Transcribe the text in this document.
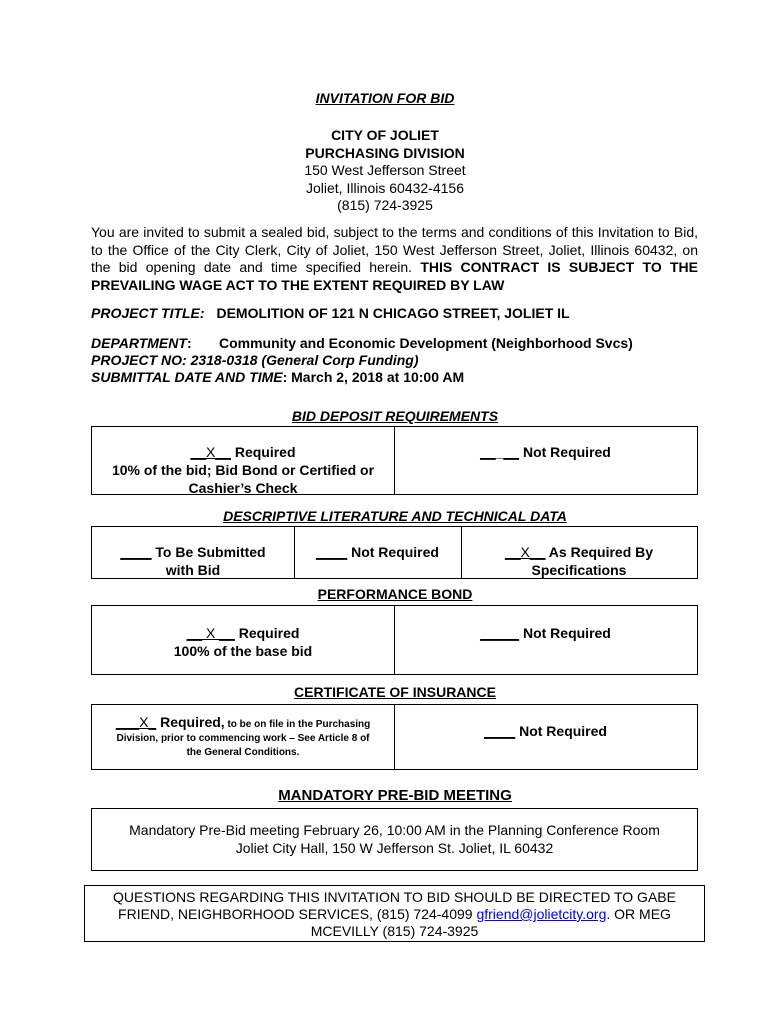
INVITATION FOR BID
CITY OF JOLIET
PURCHASING DIVISION
150 West Jefferson Street
Joliet, Illinois 60432-4156
(815) 724-3925
You are invited to submit a sealed bid, subject to the terms and conditions of this Invitation to Bid, to the Office of the City Clerk, City of Joliet, 150 West Jefferson Street, Joliet, Illinois 60432, on the bid opening date and time specified herein. THIS CONTRACT IS SUBJECT TO THE PREVAILING WAGE ACT TO THE EXTENT REQUIRED BY LAW
PROJECT TITLE: DEMOLITION OF 121 N CHICAGO STREET, JOLIET IL
DEPARTMENT: Community and Economic Development (Neighborhood Svcs)
PROJECT NO: 2318-0318 (General Corp Funding)
SUBMITTAL DATE AND TIME: March 2, 2018 at 10:00 AM
BID DEPOSIT REQUIREMENTS
__X__ Required
10% of the bid; Bid Bond or Certified or
Cashier’s Check
_____ Not Required
DESCRIPTIVE LITERATURE AND TECHNICAL DATA
____ To Be Submitted
with Bid
____ Not Required	__X__ As Required By
Specifications
PERFORMANCE BOND
__ X __ Required
100% of the base bid
_____ Not Required
CERTIFICATE OF INSURANCE
___X_ Required, to be on file in the Purchasing
Division, prior to commencing work – See Article 8 of
the General Conditions.
____ Not Required
MANDATORY PRE-BID MEETING
Mandatory Pre-Bid meeting February 26, 10:00 AM in the Planning Conference Room
Joliet City Hall, 150 W Jefferson St. Joliet, IL 60432
QUESTIONS REGARDING THIS INVITATION TO BID SHOULD BE DIRECTED TO GABE
FRIEND, NEIGHBORHOOD SERVICES, (815) 724-4099 gfriend@jolietcity.org. OR MEG
MCEVILLY (815) 724-3925
